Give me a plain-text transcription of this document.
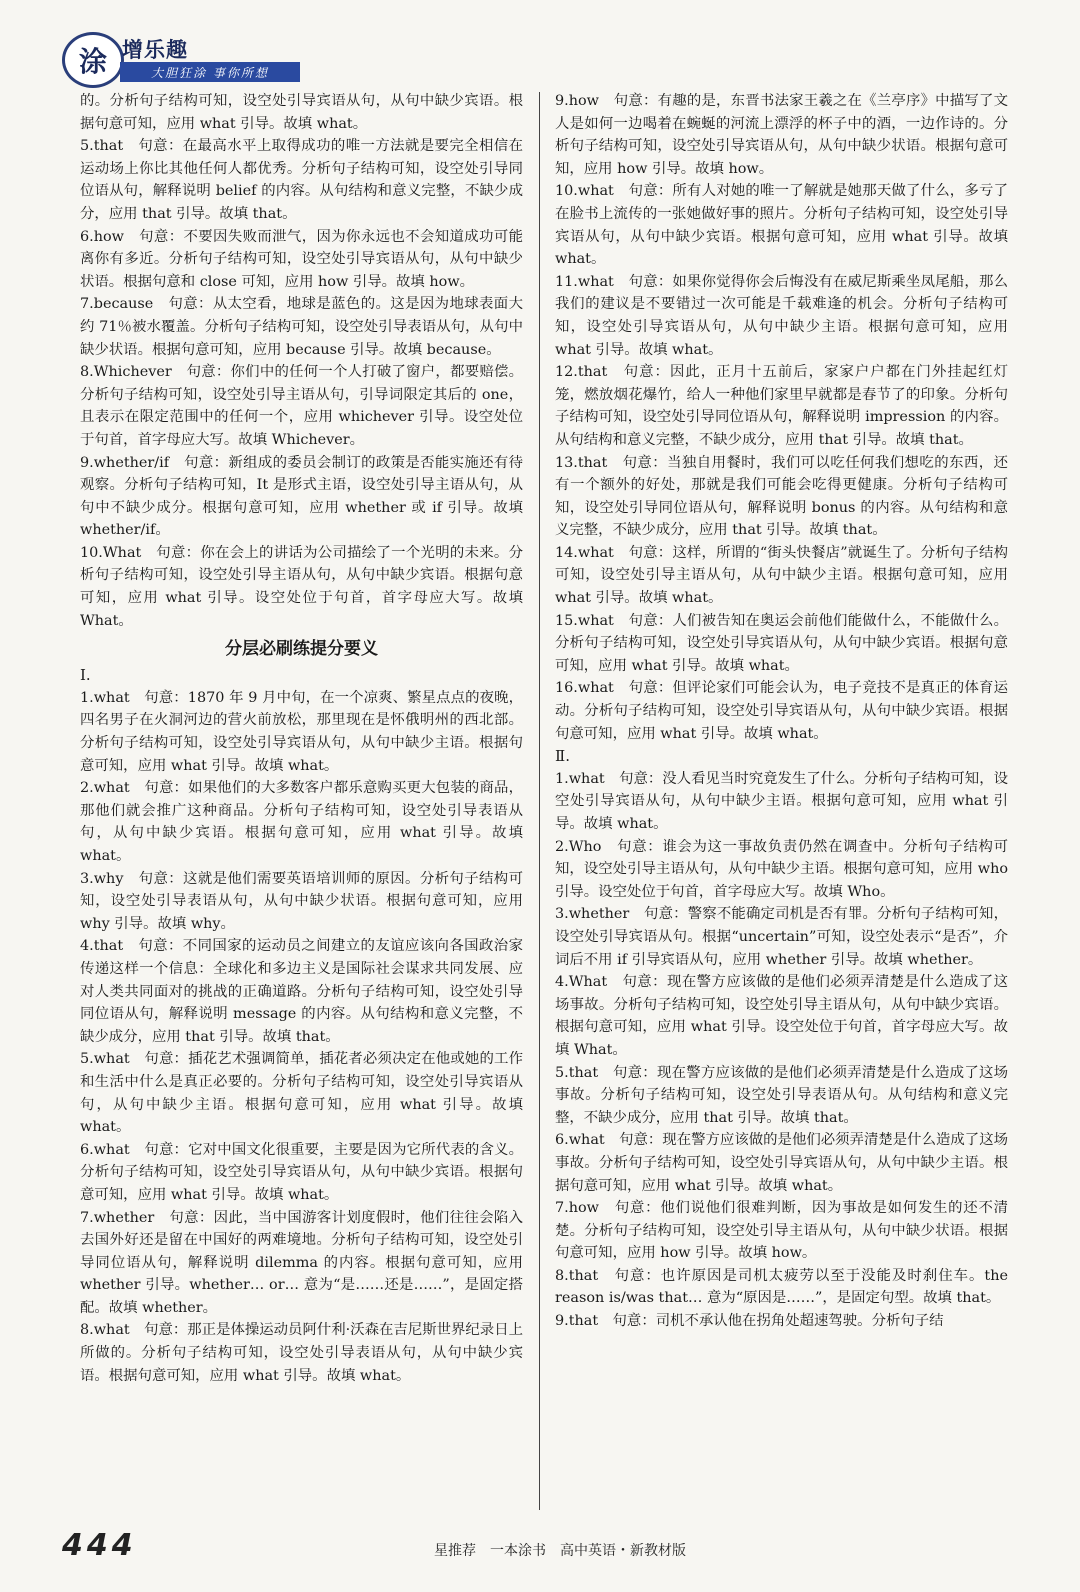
涂 增乐趣
大胆狂涂 事你所想

的。分析句子结构可知，设空处引导宾语从句，从句中缺少宾语。根据句意可知，应用 what 引导。故填 what。

5.that　句意：在最高水平上取得成功的唯一方法就是要完全相信在运动场上你比其他任何人都优秀。分析句子结构可知，设空处引导同位语从句，解释说明 belief 的内容。从句结构和意义完整，不缺少成分，应用 that 引导。故填 that。

6.how　句意：不要因失败而泄气，因为你永远也不会知道成功可能离你有多近。分析句子结构可知，设空处引导宾语从句，从句中缺少状语。根据句意和 close 可知，应用 how 引导。故填 how。

7.because　句意：从太空看，地球是蓝色的。这是因为地球表面大约 71％被水覆盖。分析句子结构可知，设空处引导表语从句，从句中缺少状语。根据句意可知，应用 because 引导。故填 because。

8.Whichever　句意：你们中的任何一个人打破了窗户，都要赔偿。分析句子结构可知，设空处引导主语从句，引导词限定其后的 one，且表示在限定范围中的任何一个，应用 whichever 引导。设空处位于句首，首字母应大写。故填 Whichever。

9.whether/if　句意：新组成的委员会制订的政策是否能实施还有待观察。分析句子结构可知，It 是形式主语，设空处引导主语从句，从句中不缺少成分。根据句意可知，应用 whether 或 if 引导。故填 whether/if。

10.What　句意：你在会上的讲话为公司描绘了一个光明的未来。分析句子结构可知，设空处引导主语从句，从句中缺少宾语。根据句意可知，应用 what 引导。设空处位于句首，首字母应大写。故填 What。

分层必刷练提分要义
Ⅰ.

1.what　句意：1870 年 9 月中旬，在一个凉爽、繁星点点的夜晚，四名男子在火洞河边的营火前放松，那里现在是怀俄明州的西北部。分析句子结构可知，设空处引导宾语从句，从句中缺少主语。根据句意可知，应用 what 引导。故填 what。

2.what　句意：如果他们的大多数客户都乐意购买更大包装的商品，那他们就会推广这种商品。分析句子结构可知，设空处引导表语从句，从句中缺少宾语。根据句意可知，应用 what 引导。故填 what。

3.why　句意：这就是他们需要英语培训师的原因。分析句子结构可知，设空处引导表语从句，从句中缺少状语。根据句意可知，应用 why 引导。故填 why。

4.that　句意：不同国家的运动员之间建立的友谊应该向各国政治家传递这样一个信息：全球化和多边主义是国际社会谋求共同发展、应对人类共同面对的挑战的正确道路。分析句子结构可知，设空处引导同位语从句，解释说明 message 的内容。从句结构和意义完整，不缺少成分，应用 that 引导。故填 that。

5.what　句意：插花艺术强调简单，插花者必须决定在他或她的工作和生活中什么是真正必要的。分析句子结构可知，设空处引导宾语从句，从句中缺少主语。根据句意可知，应用 what 引导。故填 what。

6.what　句意：它对中国文化很重要，主要是因为它所代表的含义。分析句子结构可知，设空处引导宾语从句，从句中缺少宾语。根据句意可知，应用 what 引导。故填 what。

7.whether　句意：因此，当中国游客计划度假时，他们往往会陷入去国外好还是留在中国好的两难境地。分析句子结构可知，设空处引导同位语从句，解释说明 dilemma 的内容。根据句意可知，应用 whether 引导。whether… or… 意为“是……还是……”，是固定搭配。故填 whether。

8.what　句意：那正是体操运动员阿什利·沃森在吉尼斯世界纪录日上所做的。分析句子结构可知，设空处引导表语从句，从句中缺少宾语。根据句意可知，应用 what 引导。故填 what。

9.how　句意：有趣的是，东晋书法家王羲之在《兰亭序》中描写了文人是如何一边喝着在蜿蜒的河流上漂浮的杯子中的酒，一边作诗的。分析句子结构可知，设空处引导宾语从句，从句中缺少状语。根据句意可知，应用 how 引导。故填 how。

10.what　句意：所有人对她的唯一了解就是她那天做了什么，多亏了在脸书上流传的一张她做好事的照片。分析句子结构可知，设空处引导宾语从句，从句中缺少宾语。根据句意可知，应用 what 引导。故填 what。

11.what　句意：如果你觉得你会后悔没有在威尼斯乘坐凤尾船，那么我们的建议是不要错过一次可能是千载难逢的机会。分析句子结构可知，设空处引导宾语从句，从句中缺少主语。根据句意可知，应用 what 引导。故填 what。

12.that　句意：因此，正月十五前后，家家户户都在门外挂起红灯笼，燃放烟花爆竹，给人一种他们家里早就都是春节了的印象。分析句子结构可知，设空处引导同位语从句，解释说明 impression 的内容。从句结构和意义完整，不缺少成分，应用 that 引导。故填 that。

13.that　句意：当独自用餐时，我们可以吃任何我们想吃的东西，还有一个额外的好处，那就是我们可能会吃得更健康。分析句子结构可知，设空处引导同位语从句，解释说明 bonus 的内容。从句结构和意义完整，不缺少成分，应用 that 引导。故填 that。

14.what　句意：这样，所谓的“街头快餐店”就诞生了。分析句子结构可知，设空处引导主语从句，从句中缺少主语。根据句意可知，应用 what 引导。故填 what。

15.what　句意：人们被告知在奥运会前他们能做什么，不能做什么。分析句子结构可知，设空处引导宾语从句，从句中缺少宾语。根据句意可知，应用 what 引导。故填 what。

16.what　句意：但评论家们可能会认为，电子竞技不是真正的体育运动。分析句子结构可知，设空处引导宾语从句，从句中缺少宾语。根据句意可知，应用 what 引导。故填 what。

Ⅱ.

1.what　句意：没人看见当时究竟发生了什么。分析句子结构可知，设空处引导宾语从句，从句中缺少主语。根据句意可知，应用 what 引导。故填 what。

2.Who　句意：谁会为这一事故负责仍然在调查中。分析句子结构可知，设空处引导主语从句，从句中缺少主语。根据句意可知，应用 who 引导。设空处位于句首，首字母应大写。故填 Who。

3.whether　句意：警察不能确定司机是否有罪。分析句子结构可知，设空处引导宾语从句。根据“uncertain”可知，设空处表示“是否”，介词后不用 if 引导宾语从句，应用 whether 引导。故填 whether。

4.What　句意：现在警方应该做的是他们必须弄清楚是什么造成了这场事故。分析句子结构可知，设空处引导主语从句，从句中缺少宾语。根据句意可知，应用 what 引导。设空处位于句首，首字母应大写。故填 What。

5.that　句意：现在警方应该做的是他们必须弄清楚是什么造成了这场事故。分析句子结构可知，设空处引导表语从句。从句结构和意义完整，不缺少成分，应用 that 引导。故填 that。

6.what　句意：现在警方应该做的是他们必须弄清楚是什么造成了这场事故。分析句子结构可知，设空处引导宾语从句，从句中缺少主语。根据句意可知，应用 what 引导。故填 what。

7.how　句意：他们说他们很难判断，因为事故是如何发生的还不清楚。分析句子结构可知，设空处引导主语从句，从句中缺少状语。根据句意可知，应用 how 引导。故填 how。

8.that　句意：也许原因是司机太疲劳以至于没能及时刹住车。the reason is/was that… 意为“原因是……”，是固定句型。故填 that。

9.that　句意：司机不承认他在拐角处超速驾驶。分析句子结

444	星推荐　一本涂书　高中英语・新教材版
